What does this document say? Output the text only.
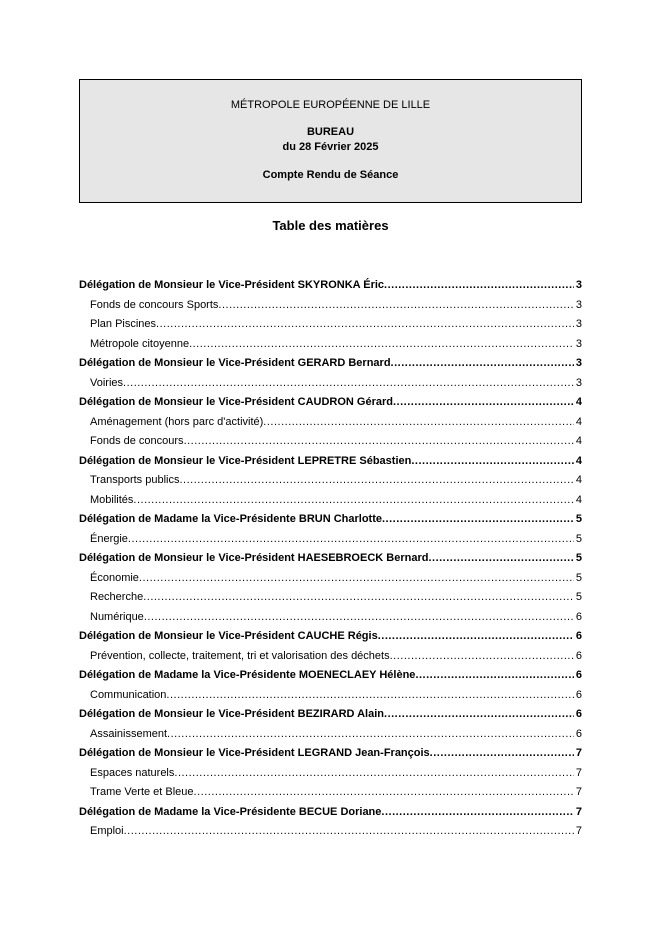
MÉTROPOLE EUROPÉENNE DE LILLE
BUREAU
du 28 Février 2025
Compte Rendu de Séance
Table des matières
Délégation de Monsieur le Vice-Président SKYRONKA Éric .....	3
Fonds de concours Sports .....	3
Plan Piscines .....	3
Métropole citoyenne .....	3
Délégation de Monsieur le Vice-Président GERARD Bernard .....	3
Voiries .....	3
Délégation de Monsieur le Vice-Président CAUDRON Gérard .....	4
Aménagement (hors parc d'activité) .....	4
Fonds de concours .....	4
Délégation de Monsieur le Vice-Président LEPRETRE Sébastien .....	4
Transports publics .....	4
Mobilités .....	4
Délégation de Madame la Vice-Présidente BRUN Charlotte .....	5
Énergie .....	5
Délégation de Monsieur le Vice-Président HAESEBROECK Bernard .....	5
Économie .....	5
Recherche .....	5
Numérique .....	6
Délégation de Monsieur le Vice-Président CAUCHE Régis .....	6
Prévention, collecte, traitement, tri et valorisation des déchets .....	6
Délégation de Madame la Vice-Présidente MOENECLAEY Hélène .....	6
Communication .....	6
Délégation de Monsieur le Vice-Président BEZIRARD Alain .....	6
Assainissement .....	6
Délégation de Monsieur le Vice-Président LEGRAND Jean-François .....	7
Espaces naturels .....	7
Trame Verte et Bleue .....	7
Délégation de Madame la Vice-Présidente BECUE Doriane .....	7
Emploi .....	7
